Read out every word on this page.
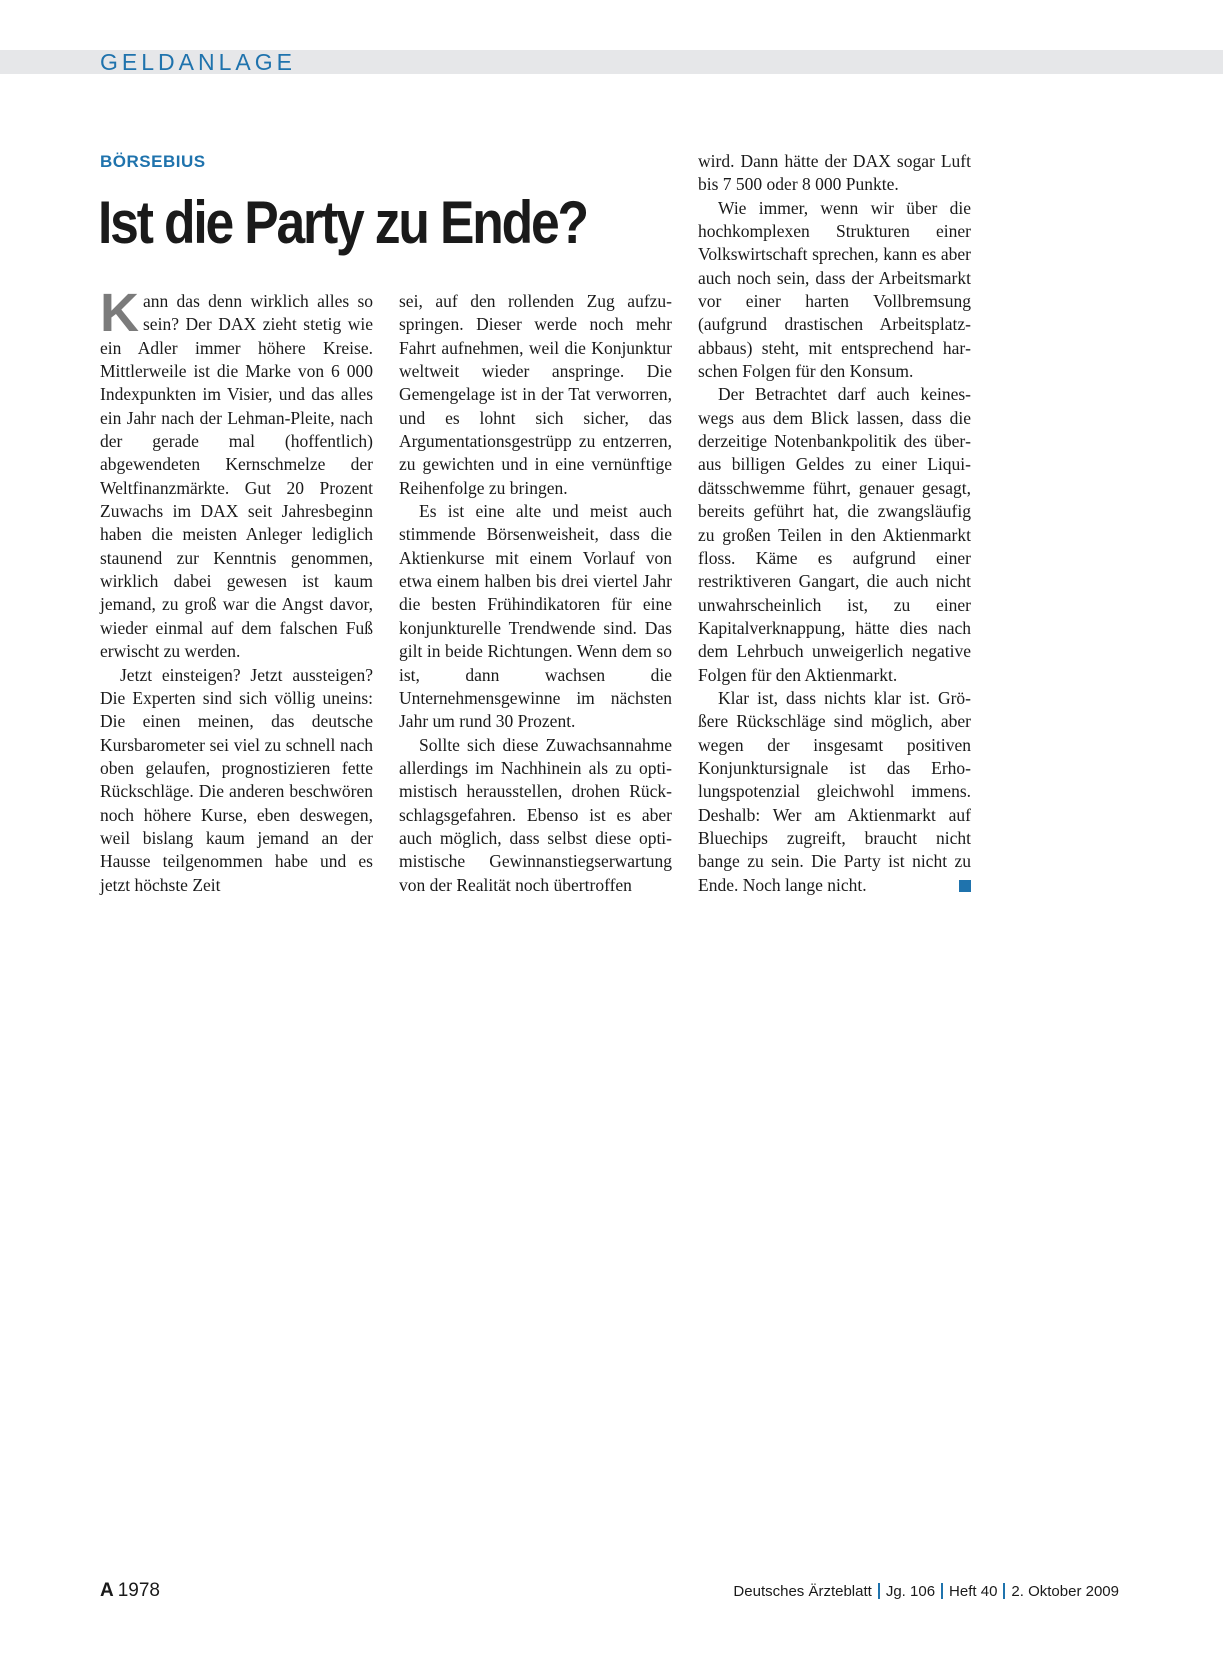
GELDANLAGE
BÖRSEBIUS
Ist die Party zu Ende?

Kann das denn wirklich alles so sein? Der DAX zieht stetig wie ein Adler immer höhere Kreise. Mittlerweile ist die Marke von 6 000 Indexpunkten im Visier, und das alles ein Jahr nach der Lehman-Pleite, nach der gerade mal (hoffentlich) abgewendeten Kernschmelze der Weltfinanzmärkte. Gut 20 Prozent Zuwachs im DAX seit Jahresbeginn haben die meisten Anleger lediglich staunend zur Kenntnis genommen, wirklich dabei gewesen ist kaum jemand, zu groß war die Angst davor, wieder einmal auf dem falschen Fuß erwischt zu werden.

Jetzt einsteigen? Jetzt aussteigen? Die Experten sind sich völlig uneins: Die einen meinen, das deutsche Kursbarometer sei viel zu schnell nach oben gelaufen, prognostizieren fette Rückschläge. Die anderen beschwören noch höhere Kurse, eben deswegen, weil bislang kaum jemand an der Hausse teilgenommen habe und es jetzt höchste Zeit

sei, auf den rollenden Zug aufzuspringen. Dieser werde noch mehr Fahrt aufnehmen, weil die Konjunktur weltweit wieder anspringe. Die Gemengelage ist in der Tat verworren, und es lohnt sich sicher, das Argumentationsgestrüpp zu entzerren, zu gewichten und in eine vernünftige Reihenfolge zu bringen.

Es ist eine alte und meist auch stimmende Börsenweisheit, dass die Aktienkurse mit einem Vorlauf von etwa einem halben bis drei viertel Jahr die besten Frühindikatoren für eine konjunkturelle Trendwende sind. Das gilt in beide Richtungen. Wenn dem so ist, dann wachsen die Unternehmensgewinne im nächsten Jahr um rund 30 Prozent.

Sollte sich diese Zuwachsannahme allerdings im Nachhinein als zu optimistisch herausstellen, drohen Rückschlagsgefahren. Ebenso ist es aber auch möglich, dass selbst diese optimistische Gewinnanstiegserwartung von der Realität noch übertroffen

wird. Dann hätte der DAX sogar Luft bis 7 500 oder 8 000 Punkte.

Wie immer, wenn wir über die hochkomplexen Strukturen einer Volkswirtschaft sprechen, kann es aber auch noch sein, dass der Arbeitsmarkt vor einer harten Vollbremsung (aufgrund drastischen Arbeitsplatzabbaus) steht, mit entsprechend harschen Folgen für den Konsum.

Der Betrachtet darf auch keineswegs aus dem Blick lassen, dass die derzeitige Notenbankpolitik des überaus billigen Geldes zu einer Liquidätsschwemme führt, genauer gesagt, bereits geführt hat, die zwangsläufig zu großen Teilen in den Aktienmarkt floss. Käme es aufgrund einer restriktiveren Gangart, die auch nicht unwahrscheinlich ist, zu einer Kapitalverknappung, hätte dies nach dem Lehrbuch unweigerlich negative Folgen für den Aktienmarkt.

Klar ist, dass nichts klar ist. Größere Rückschläge sind möglich, aber wegen der insgesamt positiven Konjunktursignale ist das Erholungspotenzial gleichwohl immens. Deshalb: Wer am Aktienmarkt auf Bluechips zugreift, braucht nicht bange zu sein. Die Party ist nicht zu Ende. Noch lange nicht.

A 1978	Deutsches Ärzteblatt Jg. 106 Heft 40 2. Oktober 2009
